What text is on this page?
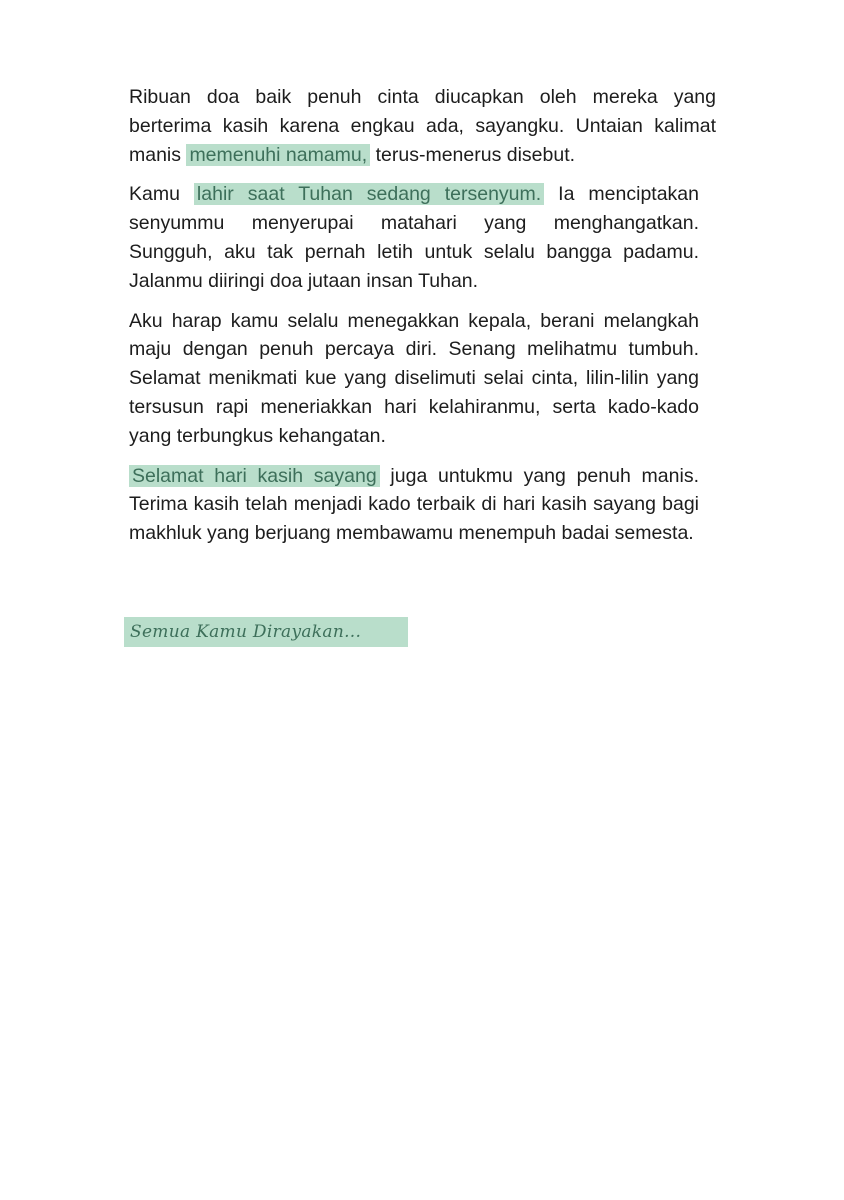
Ribuan doa baik penuh cinta diucapkan oleh mereka yang berterima kasih karena engkau ada, sayangku. Untaian kalimat manis memenuhi namamu, terus-menerus disebut.

Kamu lahir saat Tuhan sedang tersenyum. Ia menciptakan senyummu menyerupai matahari yang menghangatkan. Sungguh, aku tak pernah letih untuk selalu bangga padamu. Jalanmu diiringi doa jutaan insan Tuhan.

Aku harap kamu selalu menegakkan kepala, berani melangkah maju dengan penuh percaya diri. Senang melihatmu tumbuh. Selamat menikmati kue yang diselimuti selai cinta, lilin-lilin yang tersusun rapi meneriakkan hari kelahiranmu, serta kado-kado yang terbungkus kehangatan.

Selamat hari kasih sayang juga untukmu yang penuh manis. Terima kasih telah menjadi kado terbaik di hari kasih sayang bagi makhluk yang berjuang membawamu menempuh badai semesta.

Semua Kamu Dirayakan...
